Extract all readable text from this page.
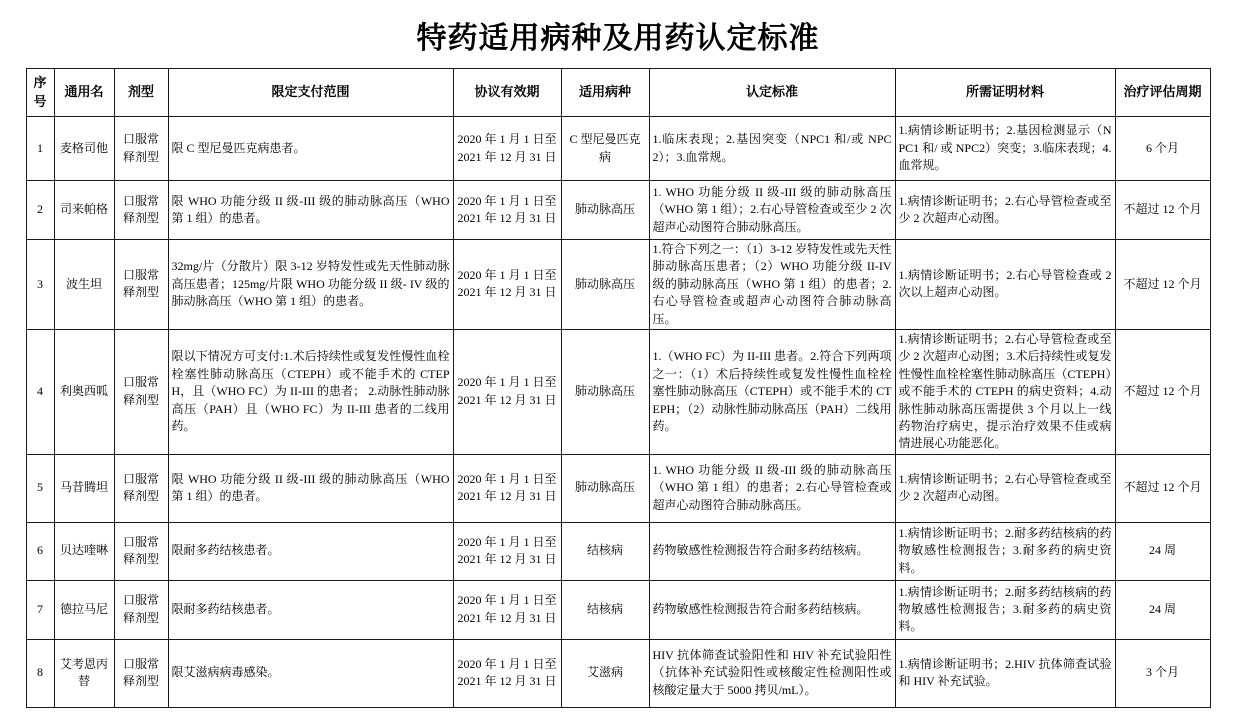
特药适用病种及用药认定标准
序号	通用名	剂型	限定支付范围	协议有效期	适用病种	认定标准	所需证明材料	治疗评估周期
1	麦格司他	口服常释剂型	限 C 型尼曼匹克病患者。	2020 年 1 月 1 日至 2021 年 12 月 31 日	C 型尼曼匹克病	1.临床表现；2.基因突变（NPC1 和/或 NPC2）；3.血常规。	1.病情诊断证明书；2.基因检测显示（NPC1 和/ 或 NPC2）突变；3.临床表现；4.血常规。	6 个月
2	司来帕格	口服常释剂型	限 WHO 功能分级 II 级-III 级的肺动脉高压（WHO 第 1 组）的患者。	2020 年 1 月 1 日至 2021 年 12 月 31 日	肺动脉高压	1. WHO 功能分级 II 级-III 级的肺动脉高压（WHO 第 1 组）；2.右心导管检查或至少 2 次超声心动图符合肺动脉高压。	1.病情诊断证明书；2.右心导管检查或至少 2 次超声心动图。	不超过 12 个月
3	波生坦	口服常释剂型	32mg/片（分散片）限 3-12 岁特发性或先天性肺动脉高压患者；125mg/片限 WHO 功能分级 II 级- IV 级的肺动脉高压（WHO 第 1 组）的患者。	2020 年 1 月 1 日至 2021 年 12 月 31 日	肺动脉高压	1.符合下列之一：（1）3-12 岁特发性或先天性肺动脉高压患者；（2）WHO 功能分级 II-IV 级的肺动脉高压（WHO 第 1 组）的患者；2.右心导管检查或超声心动图符合肺动脉高压。	1.病情诊断证明书；2.右心导管检查或 2 次以上超声心动图。	不超过 12 个月
4	利奥西呱	口服常释剂型	限以下情况方可支付:1.术后持续性或复发性慢性血栓栓塞性肺动脉高压（CTEPH）或不能手术的 CTEPH，且（WHO FC）为 II-III 的患者； 2.动脉性肺动脉高压（PAH）且（WHO FC）为 II-III 患者的二线用药。	2020 年 1 月 1 日至 2021 年 12 月 31 日	肺动脉高压	1.（WHO FC）为 II-III 患者。2.符合下列两项之一：（1）术后持续性或复发性慢性血栓栓塞性肺动脉高压（CTEPH）或不能手术的 CTEPH；（2）动脉性肺动脉高压（PAH）二线用药。	1.病情诊断证明书；2.右心导管检查或至少 2 次超声心动图；3.术后持续性或复发性慢性血栓栓塞性肺动脉高压（CTEPH）或不能手术的 CTEPH 的病史资料；4.动脉性肺动脉高压需提供 3 个月以上一线药物治疗病史，提示治疗效果不佳或病情进展心功能恶化。	不超过 12 个月
5	马昔腾坦	口服常释剂型	限 WHO 功能分级 II 级-III 级的肺动脉高压（WHO 第 1 组）的患者。	2020 年 1 月 1 日至 2021 年 12 月 31 日	肺动脉高压	1. WHO 功能分级 II 级-III 级的肺动脉高压（WHO 第 1 组）的患者；2.右心导管检查或超声心动图符合肺动脉高压。	1.病情诊断证明书；2.右心导管检查或至少 2 次超声心动图。	不超过 12 个月
6	贝达喹啉	口服常释剂型	限耐多药结核患者。	2020 年 1 月 1 日至 2021 年 12 月 31 日	结核病	药物敏感性检测报告符合耐多药结核病。	1.病情诊断证明书；2.耐多药结核病的药物敏感性检测报告；3.耐多药的病史资料。	24 周
7	德拉马尼	口服常释剂型	限耐多药结核患者。	2020 年 1 月 1 日至 2021 年 12 月 31 日	结核病	药物敏感性检测报告符合耐多药结核病。	1.病情诊断证明书；2.耐多药结核病的药物敏感性检测报告；3.耐多药的病史资料。	24 周
8	艾考恩丙替	口服常释剂型	限艾滋病病毒感染。	2020 年 1 月 1 日至 2021 年 12 月 31 日	艾滋病	HIV 抗体筛查试验阳性和 HIV 补充试验阳性（抗体补充试验阳性或核酸定性检测阳性或核酸定量大于 5000 拷贝/mL）。	1.病情诊断证明书；2.HIV 抗体筛查试验和 HIV 补充试验。	3 个月
